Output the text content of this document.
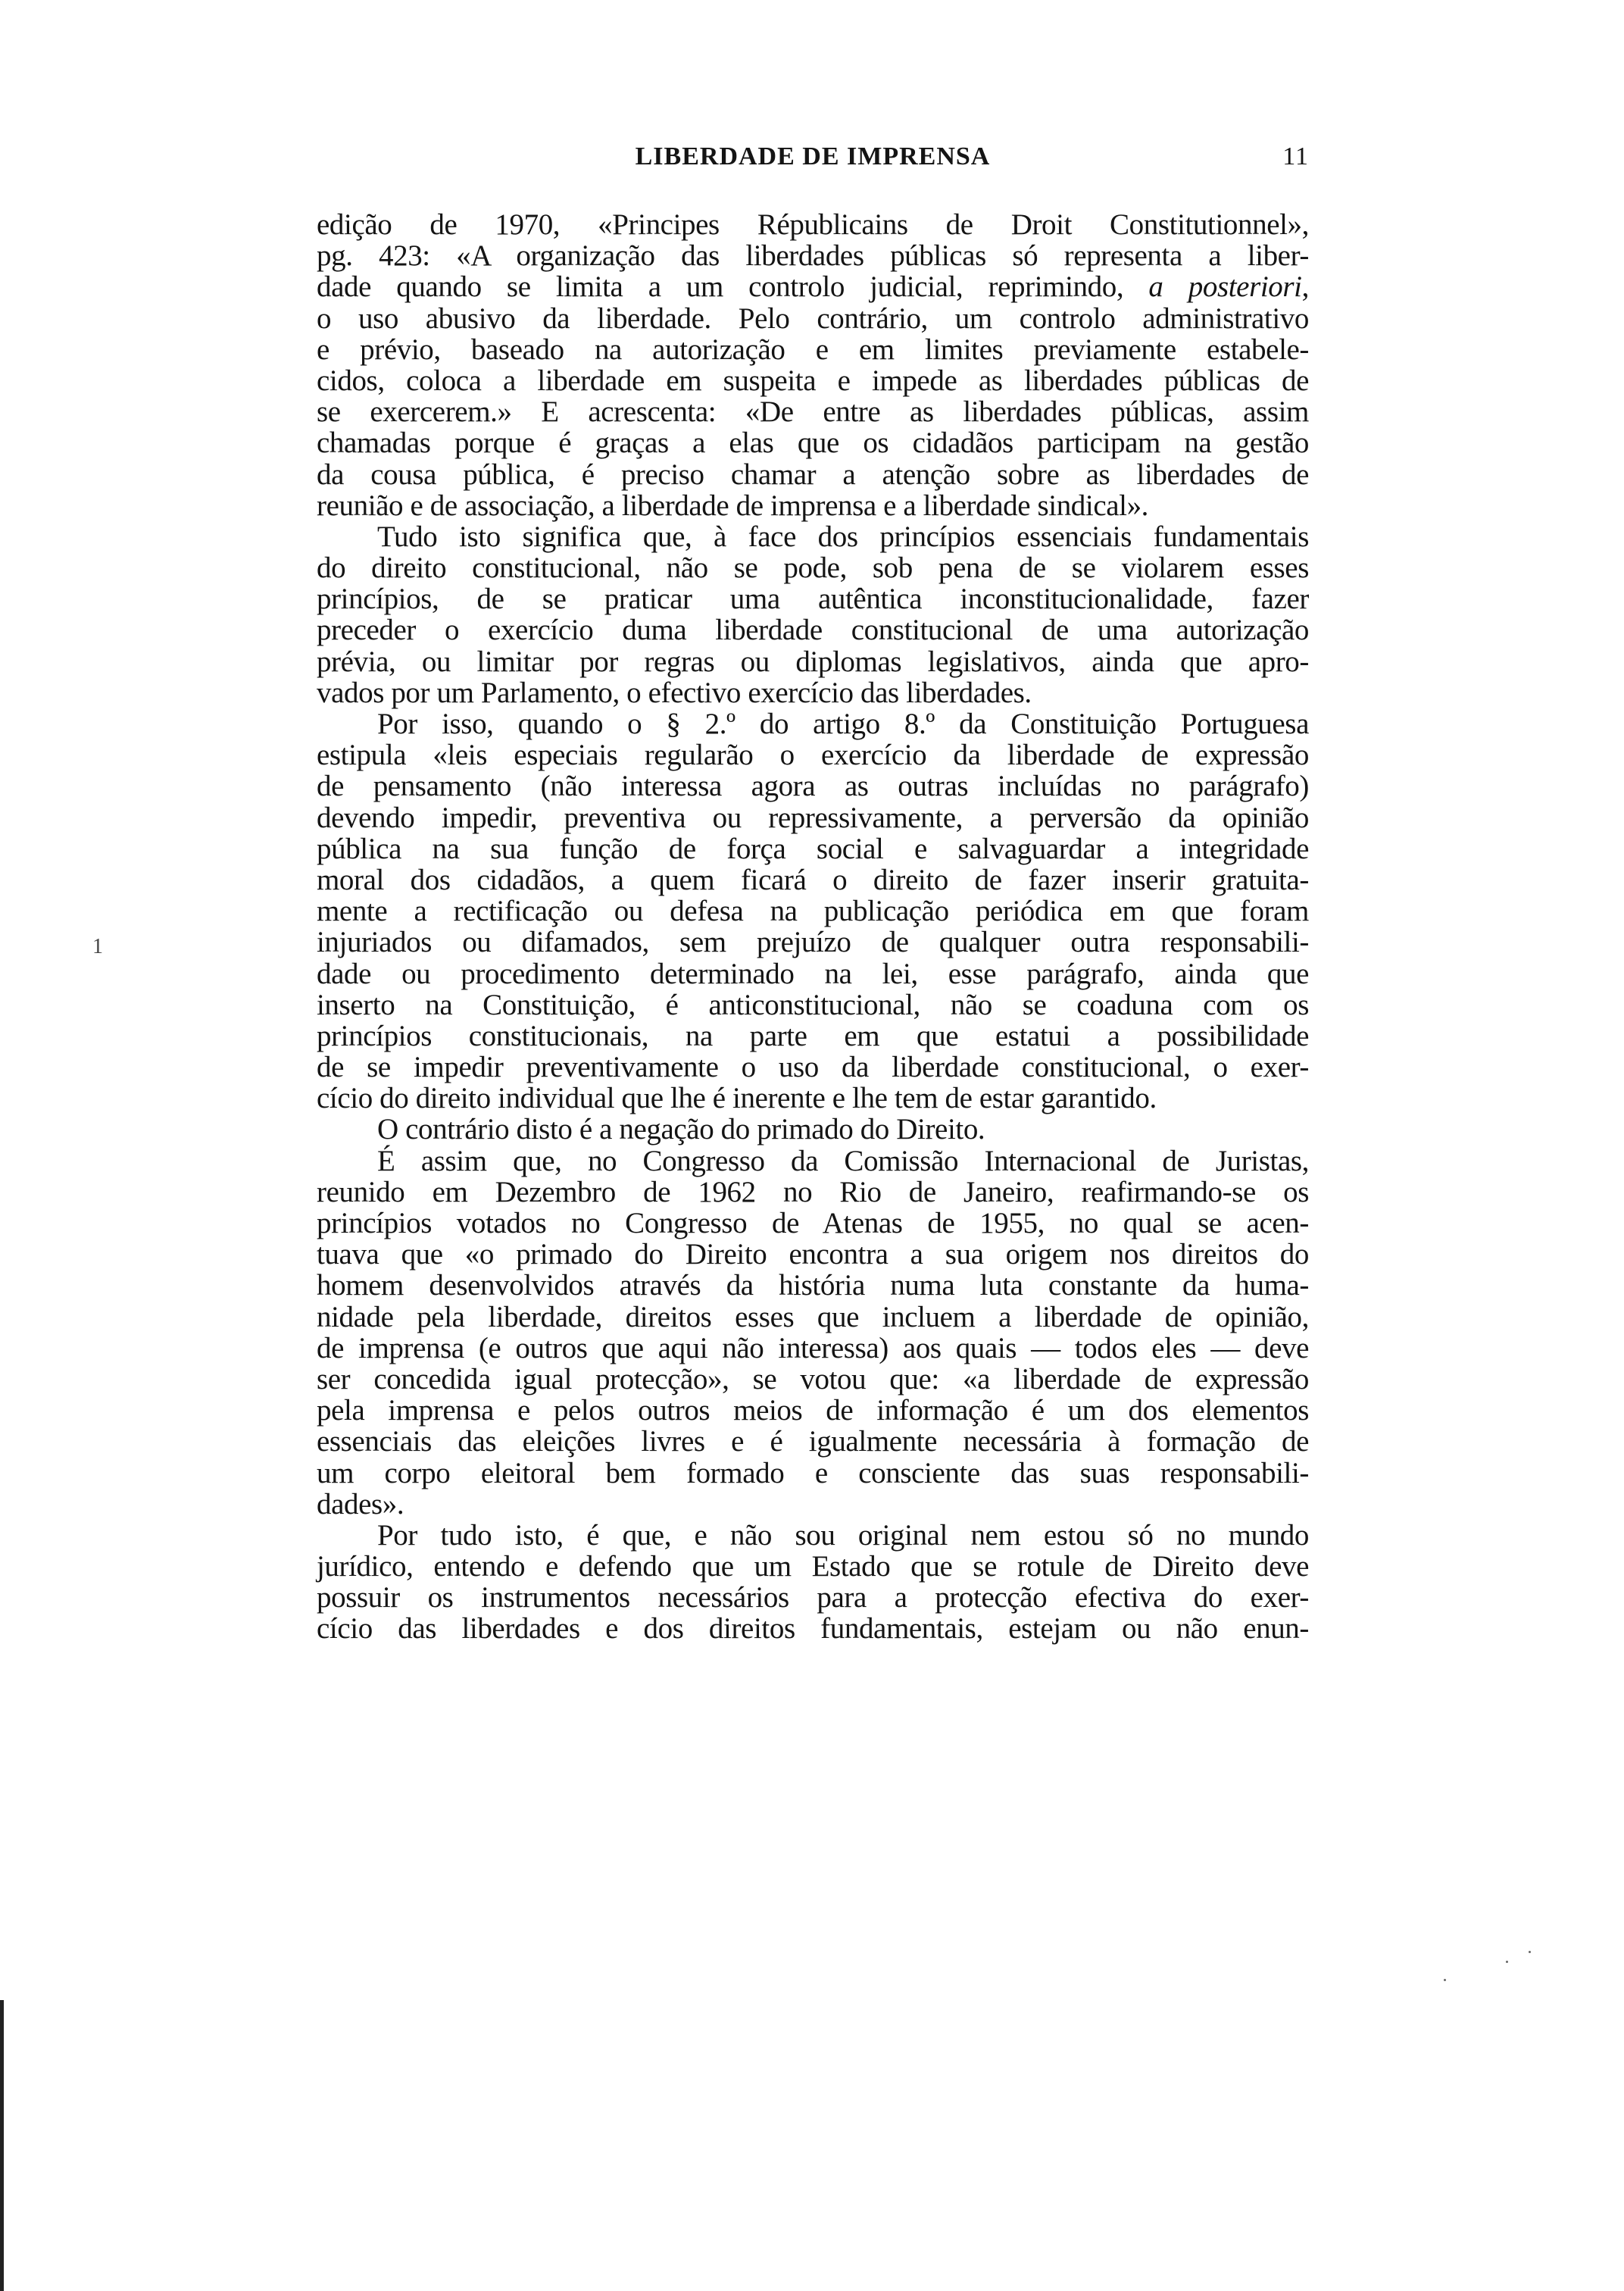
LIBERDADE DE IMPRENSA	11
edição de 1970, «Principes Républicains de Droit Constitutionnel»,
pg. 423: «A organização das liberdades públicas só representa a liber-
dade quando se limita a um controlo judicial, reprimindo, a posteriori,
o uso abusivo da liberdade. Pelo contrário, um controlo administrativo
e prévio, baseado na autorização e em limites previamente estabele-
cidos, coloca a liberdade em suspeita e impede as liberdades públicas de
se exercerem.» E acrescenta: «De entre as liberdades públicas, assim
chamadas porque é graças a elas que os cidadãos participam na gestão
da cousa pública, é preciso chamar a atenção sobre as liberdades de
reunião e de associação, a liberdade de imprensa e a liberdade sindical».
Tudo isto significa que, à face dos princípios essenciais fundamentais
do direito constitucional, não se pode, sob pena de se violarem esses
princípios, de se praticar uma autêntica inconstitucionalidade, fazer
preceder o exercício duma liberdade constitucional de uma autorização
prévia, ou limitar por regras ou diplomas legislativos, ainda que apro-
vados por um Parlamento, o efectivo exercício das liberdades.
Por isso, quando o § 2.º do artigo 8.º da Constituição Portuguesa
estipula «leis especiais regularão o exercício da liberdade de expressão
de pensamento (não interessa agora as outras incluídas no parágrafo)
devendo impedir, preventiva ou repressivamente, a perversão da opinião
pública na sua função de força social e salvaguardar a integridade
moral dos cidadãos, a quem ficará o direito de fazer inserir gratuita-
mente a rectificação ou defesa na publicação periódica em que foram
injuriados ou difamados, sem prejuízo de qualquer outra responsabili-
dade ou procedimento determinado na lei, esse parágrafo, ainda que
inserto na Constituição, é anticonstitucional, não se coaduna com os
princípios constitucionais, na parte em que estatui a possibilidade
de se impedir preventivamente o uso da liberdade constitucional, o exer-
cício do direito individual que lhe é inerente e lhe tem de estar garantido.
O contrário disto é a negação do primado do Direito.
É assim que, no Congresso da Comissão Internacional de Juristas,
reunido em Dezembro de 1962 no Rio de Janeiro, reafirmando-se os
princípios votados no Congresso de Atenas de 1955, no qual se acen-
tuava que «o primado do Direito encontra a sua origem nos direitos do
homem desenvolvidos através da história numa luta constante da huma-
nidade pela liberdade, direitos esses que incluem a liberdade de opinião,
de imprensa (e outros que aqui não interessa) aos quais — todos eles — deve
ser concedida igual protecção», se votou que: «a liberdade de expressão
pela imprensa e pelos outros meios de informação é um dos elementos
essenciais das eleições livres e é igualmente necessária à formação de
um corpo eleitoral bem formado e consciente das suas responsabili-
dades».
Por tudo isto, é que, e não sou original nem estou só no mundo
jurídico, entendo e defendo que um Estado que se rotule de Direito deve
possuir os instrumentos necessários para a protecção efectiva do exer-
cício das liberdades e dos direitos fundamentais, estejam ou não enun-
1
